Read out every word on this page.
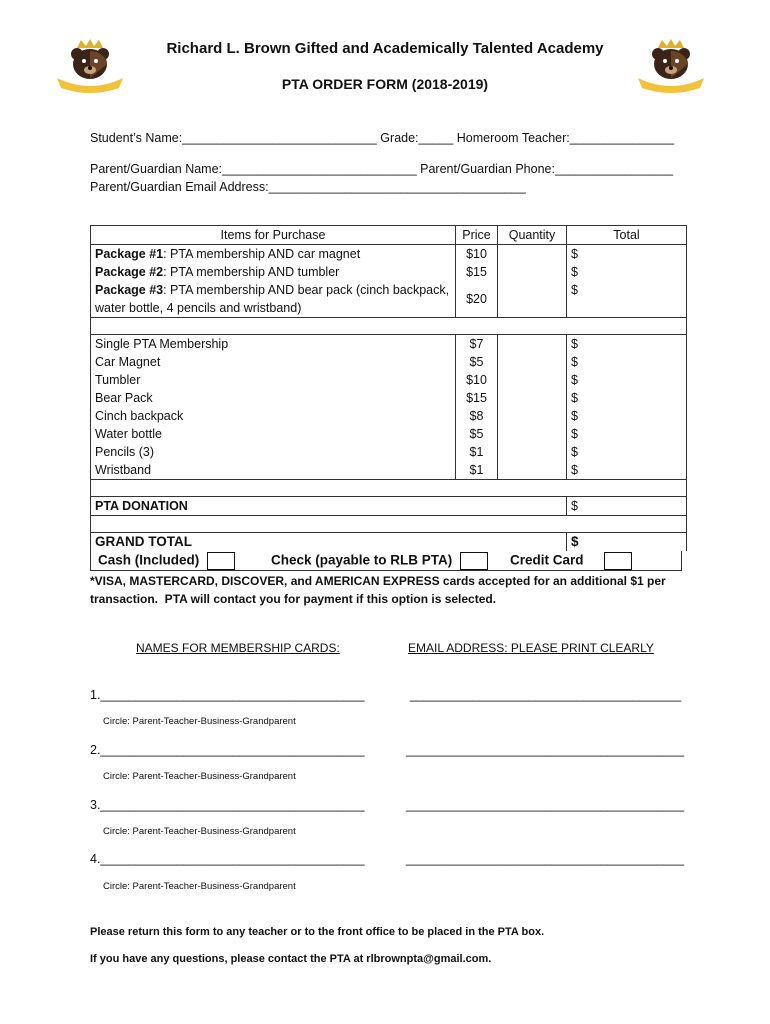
Richard L. Brown Gifted and Academically Talented Academy
PTA ORDER FORM (2018-2019)
Student’s Name:____________________________ Grade:_____ Homeroom Teacher:_______________
Parent/Guardian Name:____________________________ Parent/Guardian Phone:_________________
Parent/Guardian Email Address:_____________________________________
Items for Purchase	Price	Quantity	Total
Package #1: PTA membership AND car magnet	$10		$
Package #2: PTA membership AND tumbler	$15		$
Package #3: PTA membership AND bear pack (cinch backpack, water bottle, 4 pencils and wristband)	$20		$

Single PTA Membership	$7		$
Car Magnet	$5		$
Tumbler	$10		$
Bear Pack	$15		$
Cinch backpack	$8		$
Water bottle	$5		$
Pencils (3)	$1		$
Wristband	$1		$

PTA DONATION			$

GRAND TOTAL			$
Cash (Included)	Check (payable to RLB PTA)	Credit Card
*VISA, MASTERCARD, DISCOVER, and AMERICAN EXPRESS cards accepted for an additional $1 per
transaction.  PTA will contact you for payment if this option is selected.
NAMES FOR MEMBERSHIP CARDS:	EMAIL ADDRESS: PLEASE PRINT CLEARLY
1.______________________________________	_______________________________________
Circle: Parent-Teacher-Business-Grandparent
2.______________________________________	________________________________________
Circle: Parent-Teacher-Business-Grandparent
3.______________________________________	________________________________________
Circle: Parent-Teacher-Business-Grandparent
4.______________________________________	________________________________________
Circle: Parent-Teacher-Business-Grandparent
Please return this form to any teacher or to the front office to be placed in the PTA box.
If you have any questions, please contact the PTA at rlbrownpta@gmail.com.
